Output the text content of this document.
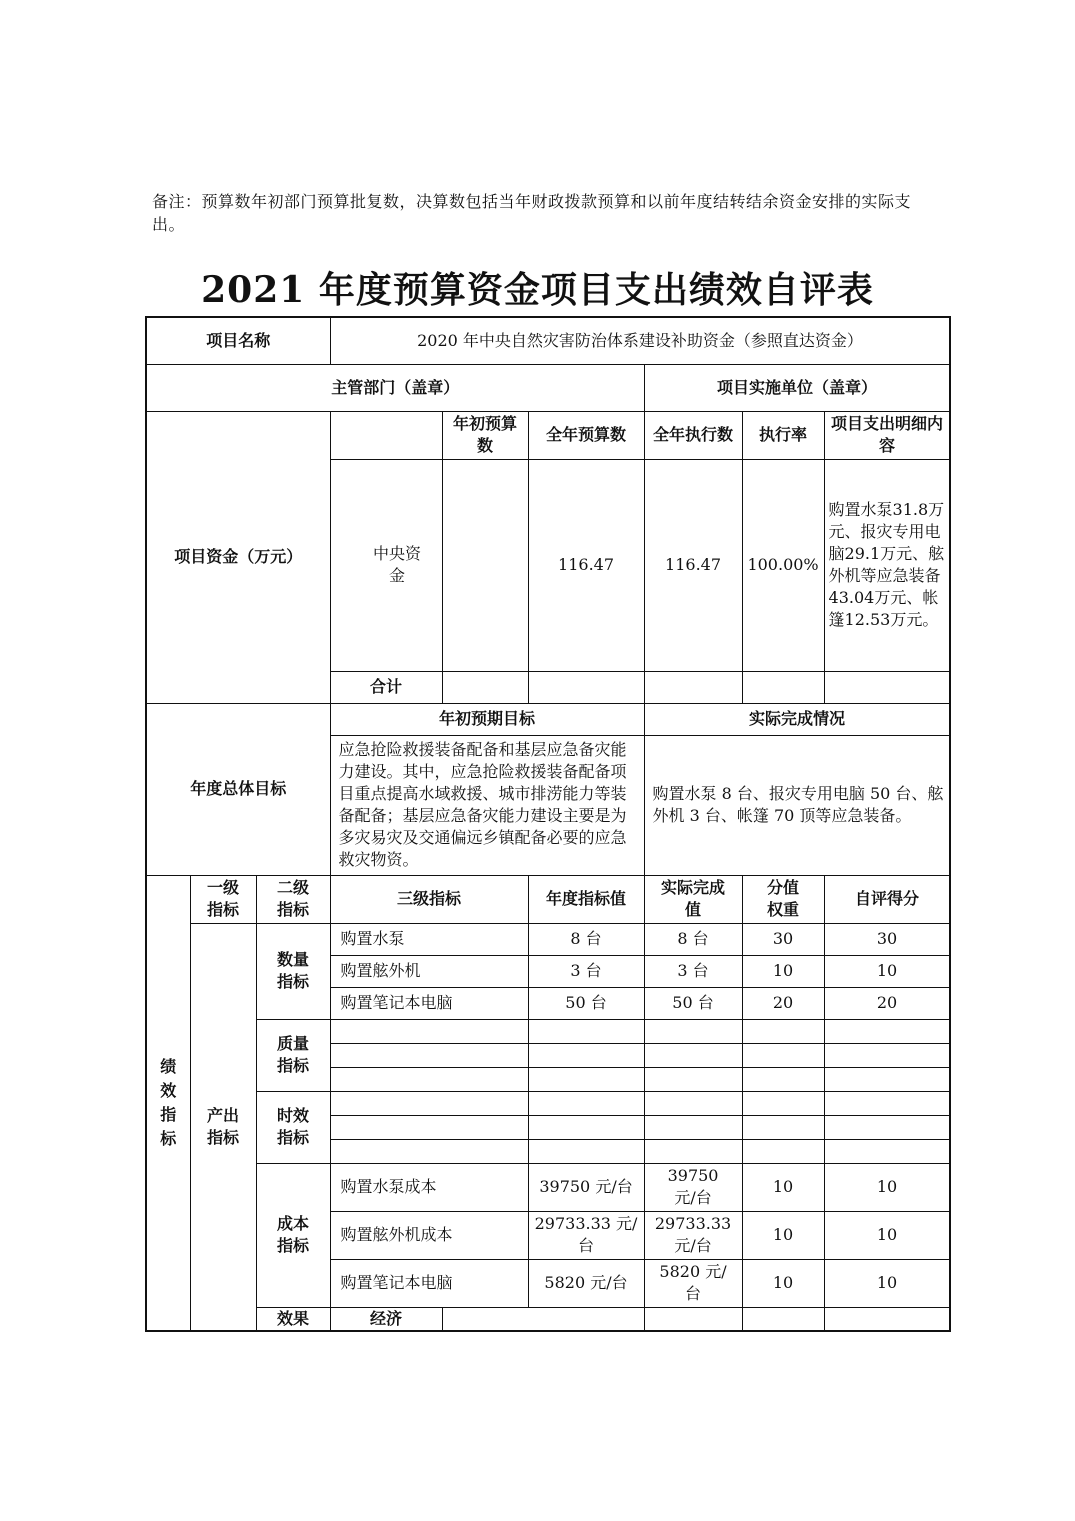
备注：预算数年初部门预算批复数，决算数包括当年财政拨款预算和以前年度结转结余资金安排的实际支出。
2021 年度预算资金项目支出绩效自评表
项目名称			2020 年中央自然灾害防治体系建设补助资金（参照直达资金）						
主管部门（盖章）						项目实施单位（盖章）			
项目资金（万元）				年初预算数	全年预算数	全年执行数	执行率	项目支出明细内容	
			中央资金		116.47	116.47	100.00%	购置水泵31.8万元、报灾专用电脑29.1万元、舷外机等应急装备43.04万元、帐篷12.53万元。	
			合计						
年度总体目标			年初预期目标			实际完成情况			
			应急抢险救援装备配备和基层应急备灾能力建设。其中，应急抢险救援装备配备项目重点提高水域救援、城市排涝能力等装备配备；基层应急备灾能力建设主要是为多灾易灾及交通偏远乡镇配备必要的应急救灾物资。			购置水泵 8 台、报灾专用电脑 50 台、舷外机 3 台、帐篷 70 顶等应急装备。			
绩效指标	一级指标	二级指标	三级指标		年度指标值	实际完成值	分值权重	自评得分	
	产出指标	数量指标	购置水泵		8 台	8 台	30	30	
			购置舷外机		3 台	3 台	10	10	
			购置笔记本电脑		50 台	50 台	20	20	
		质量指标							

		时效指标							

		成本指标	购置水泵成本		39750 元/台	39750 元/台	10	10	
			购置舷外机成本		29733.33 元/台	29733.33 元/台	10	10	
			购置笔记本电脑		5820 元/台	5820 元/台	10	10	
		效果	经济						
